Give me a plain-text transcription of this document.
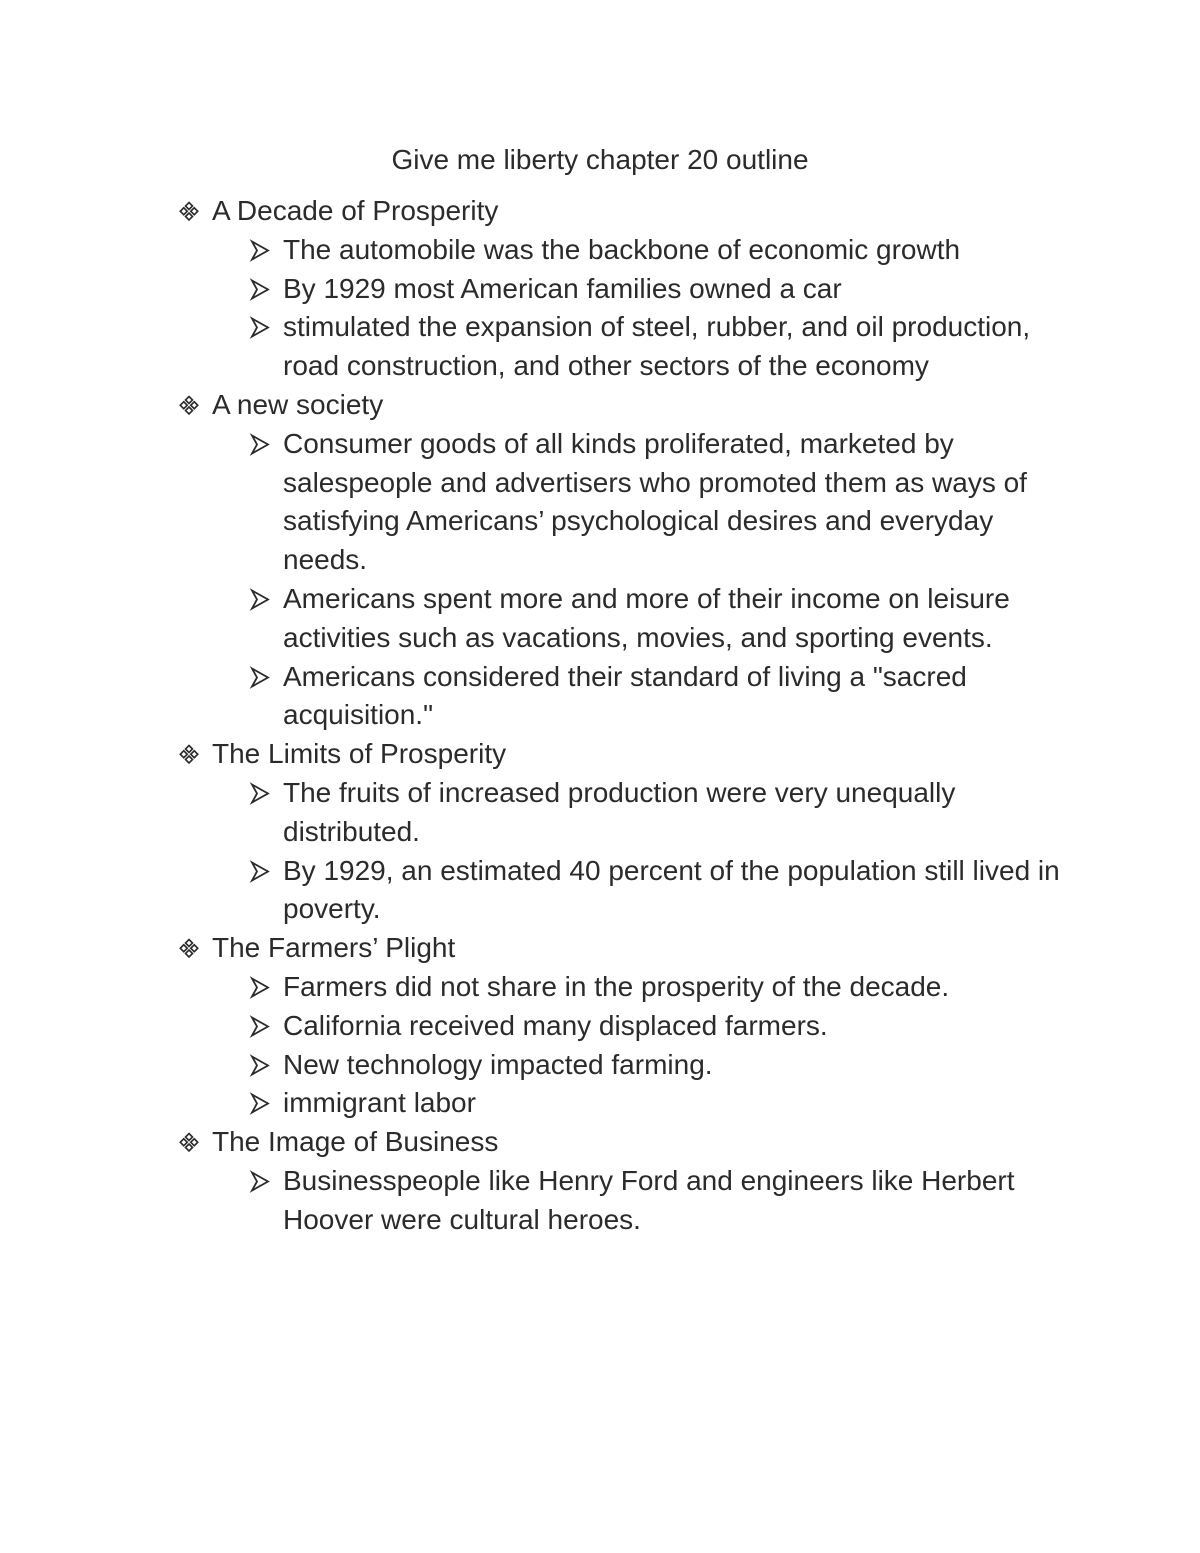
Give me liberty chapter 20 outline
A Decade of Prosperity
The automobile was the backbone of economic growth
By 1929 most American families owned a car
stimulated the expansion of steel, rubber, and oil production, road construction, and other sectors of the economy
A new society
Consumer goods of all kinds proliferated, marketed by salespeople and advertisers who promoted them as ways of satisfying Americans’ psychological desires and everyday needs.
Americans spent more and more of their income on leisure activities such as vacations, movies, and sporting events.
Americans considered their standard of living a "sacred acquisition."
The Limits of Prosperity
The fruits of increased production were very unequally distributed.
By 1929, an estimated 40 percent of the population still lived in poverty.
The Farmers’ Plight
Farmers did not share in the prosperity of the decade.
California received many displaced farmers.
New technology impacted farming.
immigrant labor
The Image of Business
Businesspeople like Henry Ford and engineers like Herbert Hoover were cultural heroes.
